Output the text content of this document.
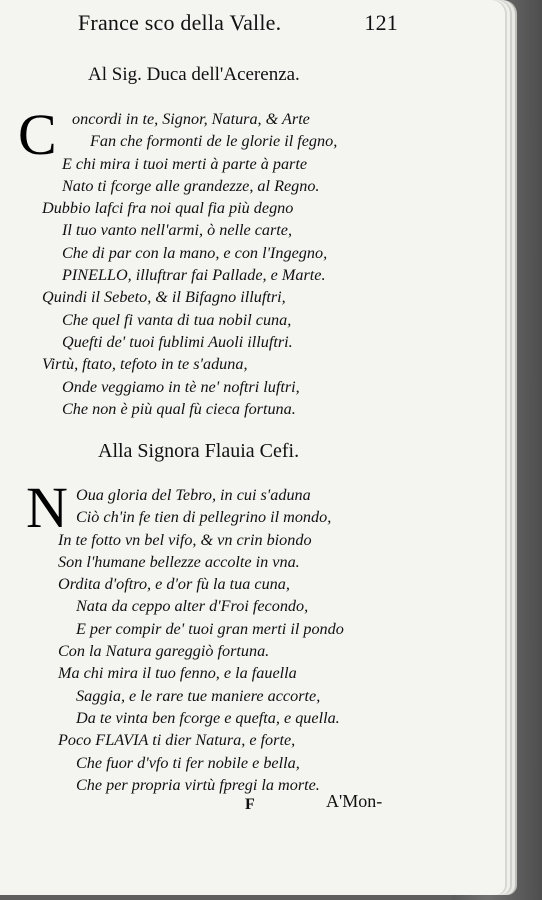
France sco della Valle.	121
Al Sig. Duca dell'Acerenza.
C oncordi in te, Signor, Natura, & Arte
Fan che formonti de le glorie il fegno,
E chi mira i tuoi merti à parte à parte
Nato ti fcorge alle grandezze, al Regno.
Dubbio lafci fra noi qual fia più degno
Il tuo vanto nell'armi, ò nelle carte,
Che di par con la mano, e con l'Ingegno,
PINELLO, illuftrar fai Pallade, e Marte.
Quindi il Sebeto, & il Bifagno illuftri,
Che quel fi vanta di tua nobil cuna,
Quefti de' tuoi fublimi Auoli illuftri.
Virtù, ftato, tefoto in te s'aduna,
Onde veggiamo in tè ne' noftri luftri,
Che non è più qual fù cieca fortuna.
Alla Signora Flauia Cefi.
N Oua gloria del Tebro, in cui s'aduna
Ciò ch'in fe tien di pellegrino il mondo,
In te fotto vn bel vifo, & vn crin biondo
Son l'humane bellezze accolte in vna.
Ordita d'oftro, e d'or fù la tua cuna,
Nata da ceppo alter d'Froi fecondo,
E per compir de' tuoi gran merti il pondo
Con la Natura gareggiò fortuna.
Ma chi mira il tuo fenno, e la fauella
Saggia, e le rare tue maniere accorte,
Da te vinta ben fcorge e quefta, e quella.
Poco FLAVIA ti dier Natura, e forte,
Che fuor d'vfo ti fer nobile e bella,
Che per propria virtù fpregi la morte.
F	A'Mon-
